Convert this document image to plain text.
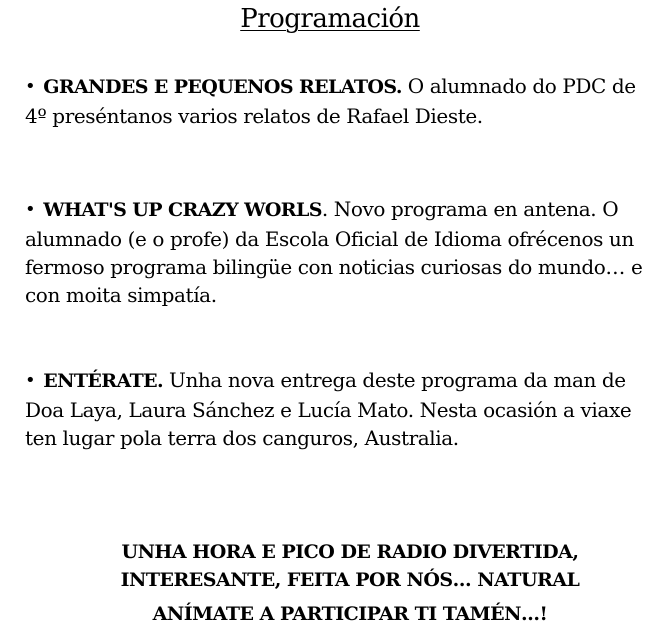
Programación
• GRANDES E PEQUENOS RELATOS. O alumnado do PDC de 4º preséntanos varios relatos de Rafael Dieste.
• WHAT'S UP CRAZY WORLS. Novo programa en antena. O alumnado (e o profe) da Escola Oficial de Idioma ofrécenos un fermoso programa bilingüe con noticias curiosas do mundo… e con moita simpatía.
• ENTÉRATE. Unha nova entrega deste programa da man de Doa Laya, Laura Sánchez e Lucía Mato. Nesta ocasión a viaxe ten lugar pola terra dos canguros, Australia.
UNHA HORA E PICO DE RADIO DIVERTIDA, INTERESANTE, FEITA POR NÓS… NATURAL
ANÍMATE A PARTICIPAR TI TAMÉN…!
